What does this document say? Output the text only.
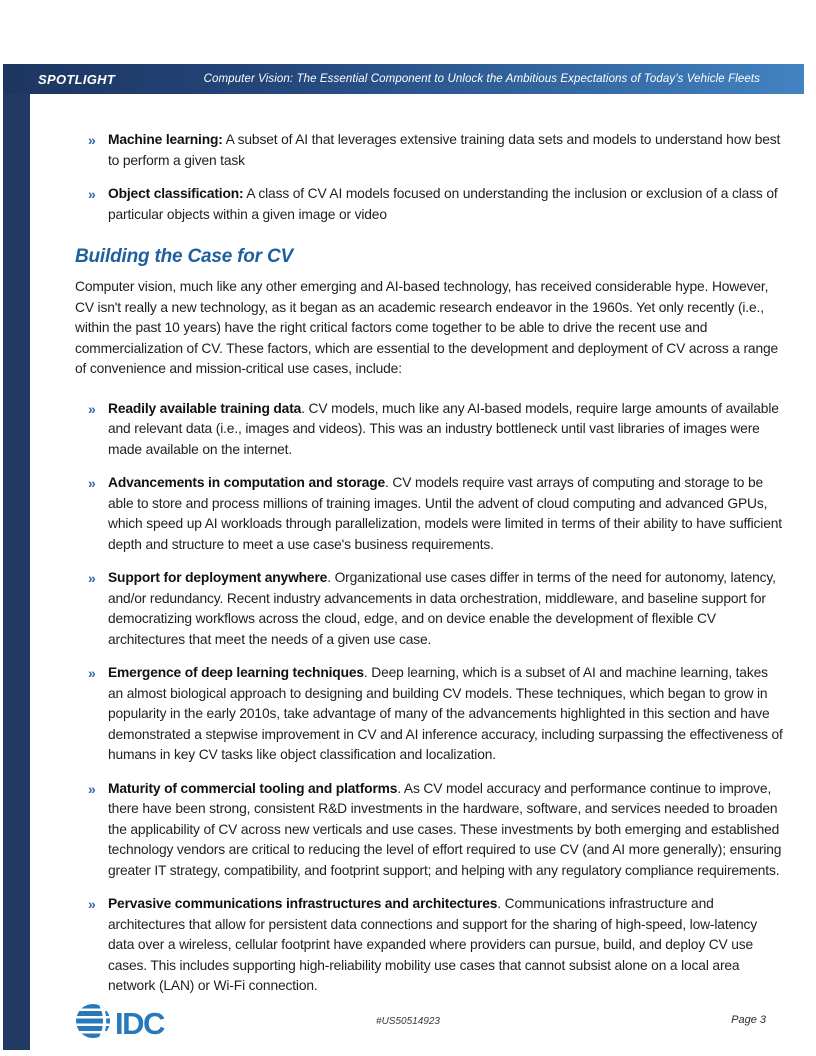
SPOTLIGHT	Computer Vision: The Essential Component to Unlock the Ambitious Expectations of Today’s Vehicle Fleets
» Machine learning: A subset of AI that leverages extensive training data sets and models to understand how best to perform a given task
» Object classification: A class of CV AI models focused on understanding the inclusion or exclusion of a class of particular objects within a given image or video
Building the Case for CV

Computer vision, much like any other emerging and AI-based technology, has received considerable hype. However, CV isn't really a new technology, as it began as an academic research endeavor in the 1960s. Yet only recently (i.e., within the past 10 years) have the right critical factors come together to be able to drive the recent use and commercialization of CV. These factors, which are essential to the development and deployment of CV across a range of convenience and mission-critical use cases, include:

» Readily available training data. CV models, much like any AI-based models, require large amounts of available and relevant data (i.e., images and videos). This was an industry bottleneck until vast libraries of images were made available on the internet.
» Advancements in computation and storage. CV models require vast arrays of computing and storage to be able to store and process millions of training images. Until the advent of cloud computing and advanced GPUs, which speed up AI workloads through parallelization, models were limited in terms of their ability to have sufficient depth and structure to meet a use case's business requirements.
» Support for deployment anywhere. Organizational use cases differ in terms of the need for autonomy, latency, and/or redundancy. Recent industry advancements in data orchestration, middleware, and baseline support for democratizing workflows across the cloud, edge, and on device enable the development of flexible CV architectures that meet the needs of a given use case.
» Emergence of deep learning techniques. Deep learning, which is a subset of AI and machine learning, takes an almost biological approach to designing and building CV models. These techniques, which began to grow in popularity in the early 2010s, take advantage of many of the advancements highlighted in this section and have demonstrated a stepwise improvement in CV and AI inference accuracy, including surpassing the effectiveness of humans in key CV tasks like object classification and localization.
» Maturity of commercial tooling and platforms. As CV model accuracy and performance continue to improve, there have been strong, consistent R&D investments in the hardware, software, and services needed to broaden the applicability of CV across new verticals and use cases. These investments by both emerging and established technology vendors are critical to reducing the level of effort required to use CV (and AI more generally); ensuring greater IT strategy, compatibility, and footprint support; and helping with any regulatory compliance requirements.
» Pervasive communications infrastructures and architectures. Communications infrastructure and architectures that allow for persistent data connections and support for the sharing of high-speed, low-latency data over a wireless, cellular footprint have expanded where providers can pursue, build, and deploy CV use cases. This includes supporting high-reliability mobility use cases that cannot subsist alone on a local area network (LAN) or Wi-Fi connection.
IDC	#US50514923	Page 3
